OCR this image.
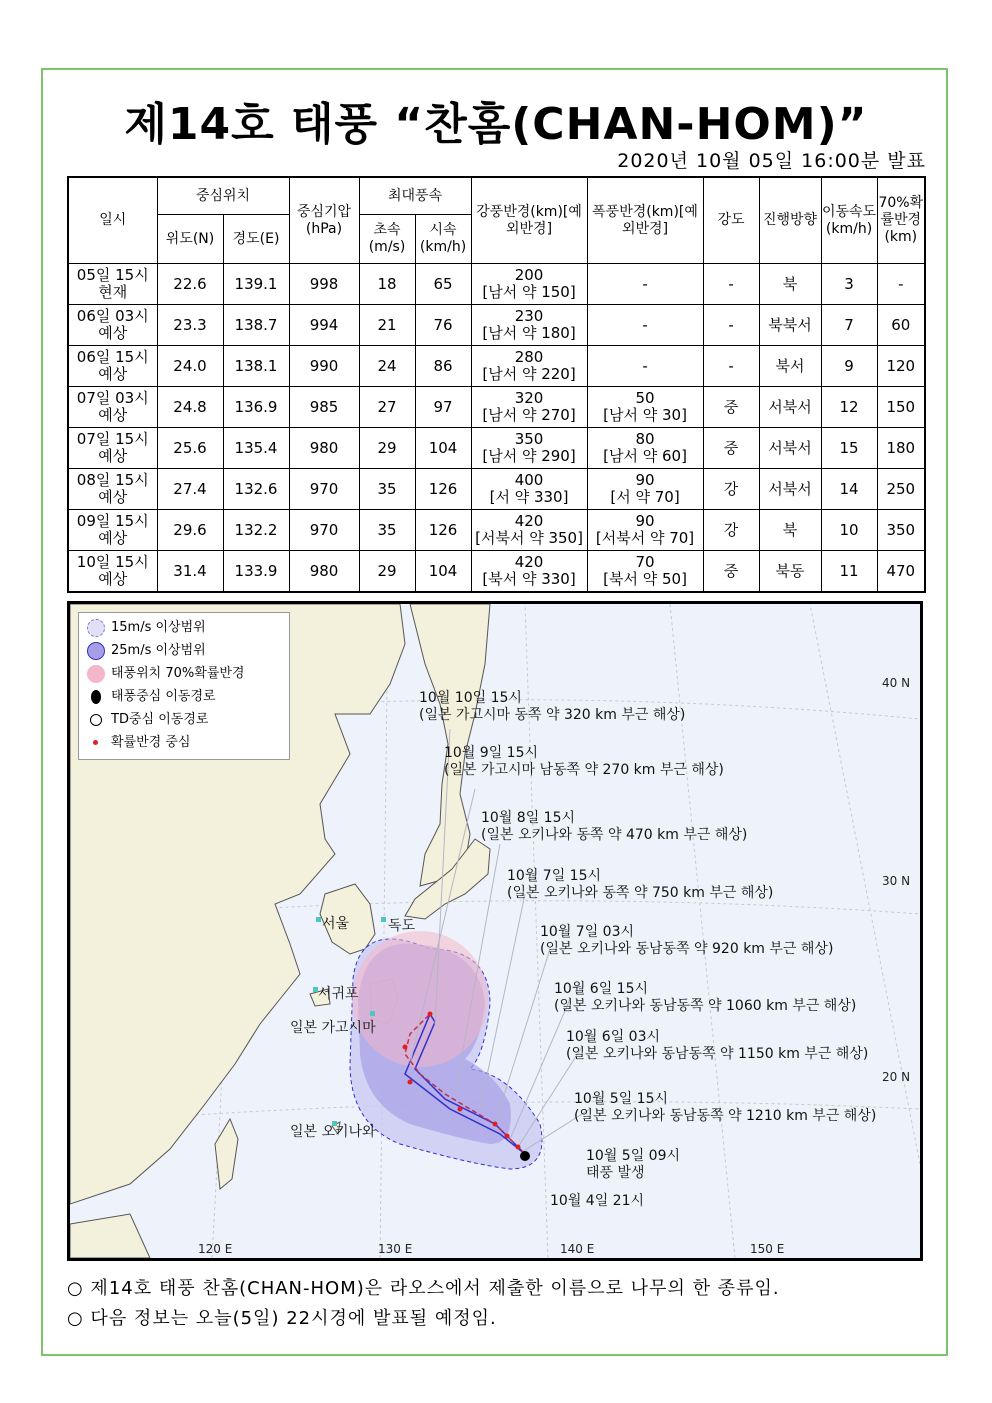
제14호 태풍 “찬홈(CHAN-HOM)”
2020년 10월 05일 16:00분 발표
일시	중심위치		중심기압(hPa)	최대풍속		강풍반경(km)[예외반경]	폭풍반경(km)[예외반경]	강도	진행방향	이동속도(km/h)	70%확률반경(km)
	위도(N)	경도(E)		초속(m/s)	시속(km/h)						

05일 15시
현재	22.6	139.1	998	18	65	200
[남서 약 150]	-	-	북	3	-

06일 03시
예상	23.3	138.7	994	21	76	230
[남서 약 180]	-	-	북북서	7	60

06일 15시
예상	24.0	138.1	990	24	86	280
[남서 약 220]	-	-	북서	9	120

07일 03시
예상	24.8	136.9	985	27	97	320
[남서 약 270]	50
[남서 약 30]	중	서북서	12	150

07일 15시
예상	25.6	135.4	980	29	104	350
[남서 약 290]	80
[남서 약 60]	중	서북서	15	180

08일 15시
예상	27.4	132.6	970	35	126	400
[서 약 330]	90
[서 약 70]	강	서북서	14	250

09일 15시
예상	29.6	132.2	970	35	126	420
[서북서 약 350]	90
[서북서 약 70]	강	북	10	350

10일 15시
예상	31.4	133.9	980	29	104	420
[북서 약 330]	70
[북서 약 50]	중	북동	11	470
15m/s 이상범위
25m/s 이상범위
태풍위치 70%확률반경
태풍중심 이동경로
TD중심 이동경로
확률반경 중심
40 N
30 N
20 N
120 E	130 E	140 E	150 E
서울	독도
서귀포
일본 가고시마
일본 오키나와
10월 10일 15시
(일본 가고시마 동쪽 약 320 km 부근 해상)
10월 9일 15시
(일본 가고시마 남동쪽 약 270 km 부근 해상)
10월 8일 15시
(일본 오키나와 동쪽 약 470 km 부근 해상)
10월 7일 15시
(일본 오키나와 동쪽 약 750 km 부근 해상)
10월 7일 03시
(일본 오키나와 동남동쪽 약 920 km 부근 해상)
10월 6일 15시
(일본 오키나와 동남동쪽 약 1060 km 부근 해상)
10월 6일 03시
(일본 오키나와 동남동쪽 약 1150 km 부근 해상)
10월 5일 15시
(일본 오키나와 동남동쪽 약 1210 km 부근 해상)
10월 5일 09시
태풍 발생
10월 4일 21시
○ 제14호 태풍 찬홈(CHAN-HOM)은 라오스에서 제출한 이름으로 나무의 한 종류임.
○ 다음 정보는 오늘(5일) 22시경에 발표될 예정임.
